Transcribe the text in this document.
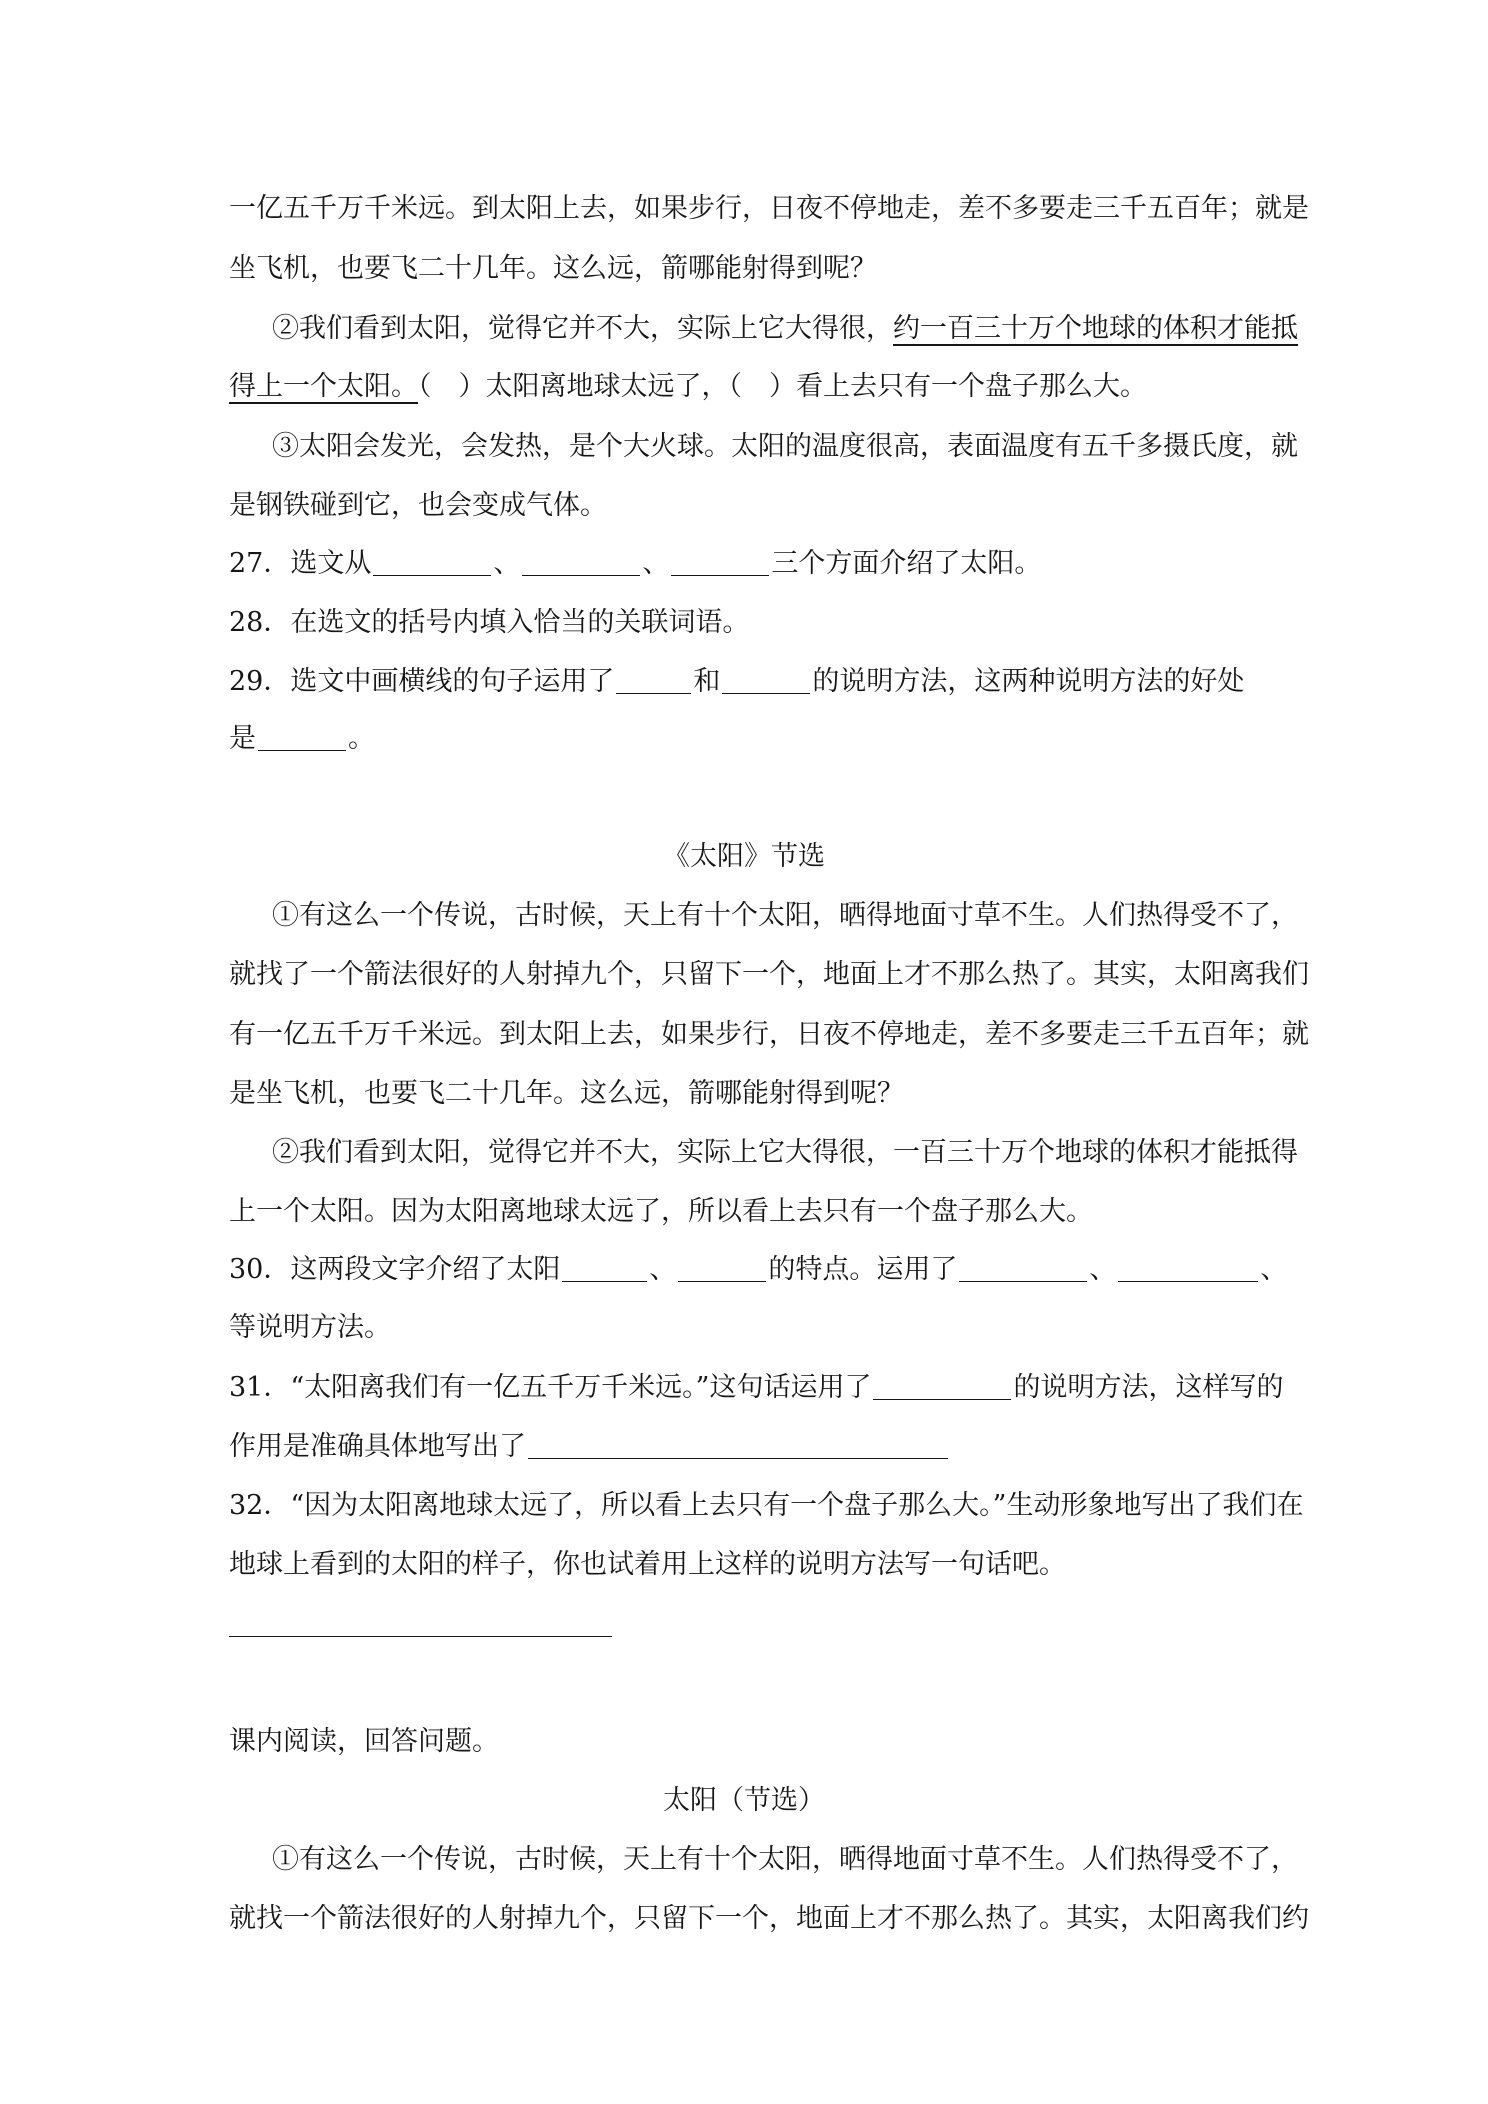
一亿五千万千米远。到太阳上去，如果步行，日夜不停地走，差不多要走三千五百年；就是

坐飞机，也要飞二十几年。这么远，箭哪能射得到呢？

②我们看到太阳，觉得它并不大，实际上它大得很，约一百三十万个地球的体积才能抵

得上一个太阳。（　）太阳离地球太远了，（　）看上去只有一个盘子那么大。

③太阳会发光，会发热，是个大火球。太阳的温度很高，表面温度有五千多摄氏度，就

是钢铁碰到它，也会变成气体。

27．选文从	、	、	三个方面介绍了太阳。

28．在选文的括号内填入恰当的关联词语。

29．选文中画横线的句子运用了	和	的说明方法，这两种说明方法的好处

是	。

《太阳》节选

①有这么一个传说，古时候，天上有十个太阳，晒得地面寸草不生。人们热得受不了，

就找了一个箭法很好的人射掉九个，只留下一个，地面上才不那么热了。其实，太阳离我们

有一亿五千万千米远。到太阳上去，如果步行，日夜不停地走，差不多要走三千五百年；就

是坐飞机，也要飞二十几年。这么远，箭哪能射得到呢？

②我们看到太阳，觉得它并不大，实际上它大得很，一百三十万个地球的体积才能抵得

上一个太阳。因为太阳离地球太远了，所以看上去只有一个盘子那么大。

30．这两段文字介绍了太阳	、	的特点。运用了	、	、

等说明方法。

31．“太阳离我们有一亿五千万千米远。”这句话运用了	的说明方法，这样写的

作用是准确具体地写出了

32．“因为太阳离地球太远了，所以看上去只有一个盘子那么大。”生动形象地写出了我们在

地球上看到的太阳的样子，你也试着用上这样的说明方法写一句话吧。

课内阅读，回答问题。

太阳（节选）

①有这么一个传说，古时候，天上有十个太阳，晒得地面寸草不生。人们热得受不了，

就找一个箭法很好的人射掉九个，只留下一个，地面上才不那么热了。其实，太阳离我们约
